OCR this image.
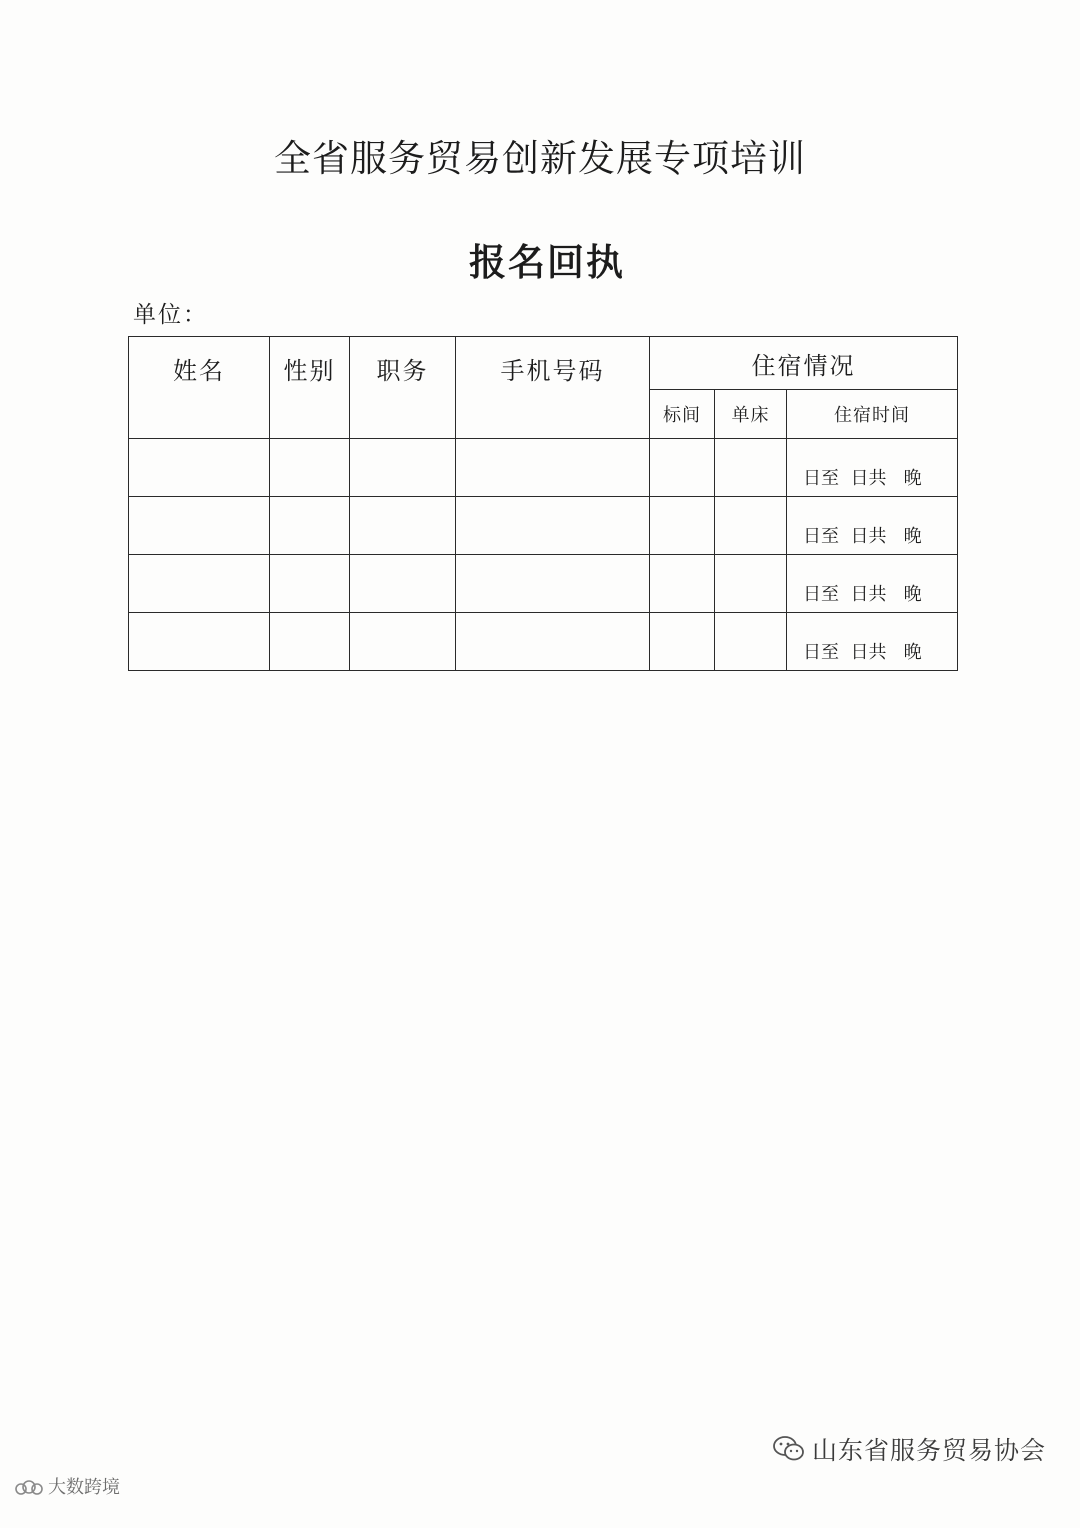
全省服务贸易创新发展专项培训
报名回执
单位：
姓名	性别	职务	手机号码	住宿情况		
				标间	单床	住宿时间
						日至  日共   晚
						日至  日共   晚
						日至  日共   晚
						日至  日共   晚
大数跨境
山东省服务贸易协会
